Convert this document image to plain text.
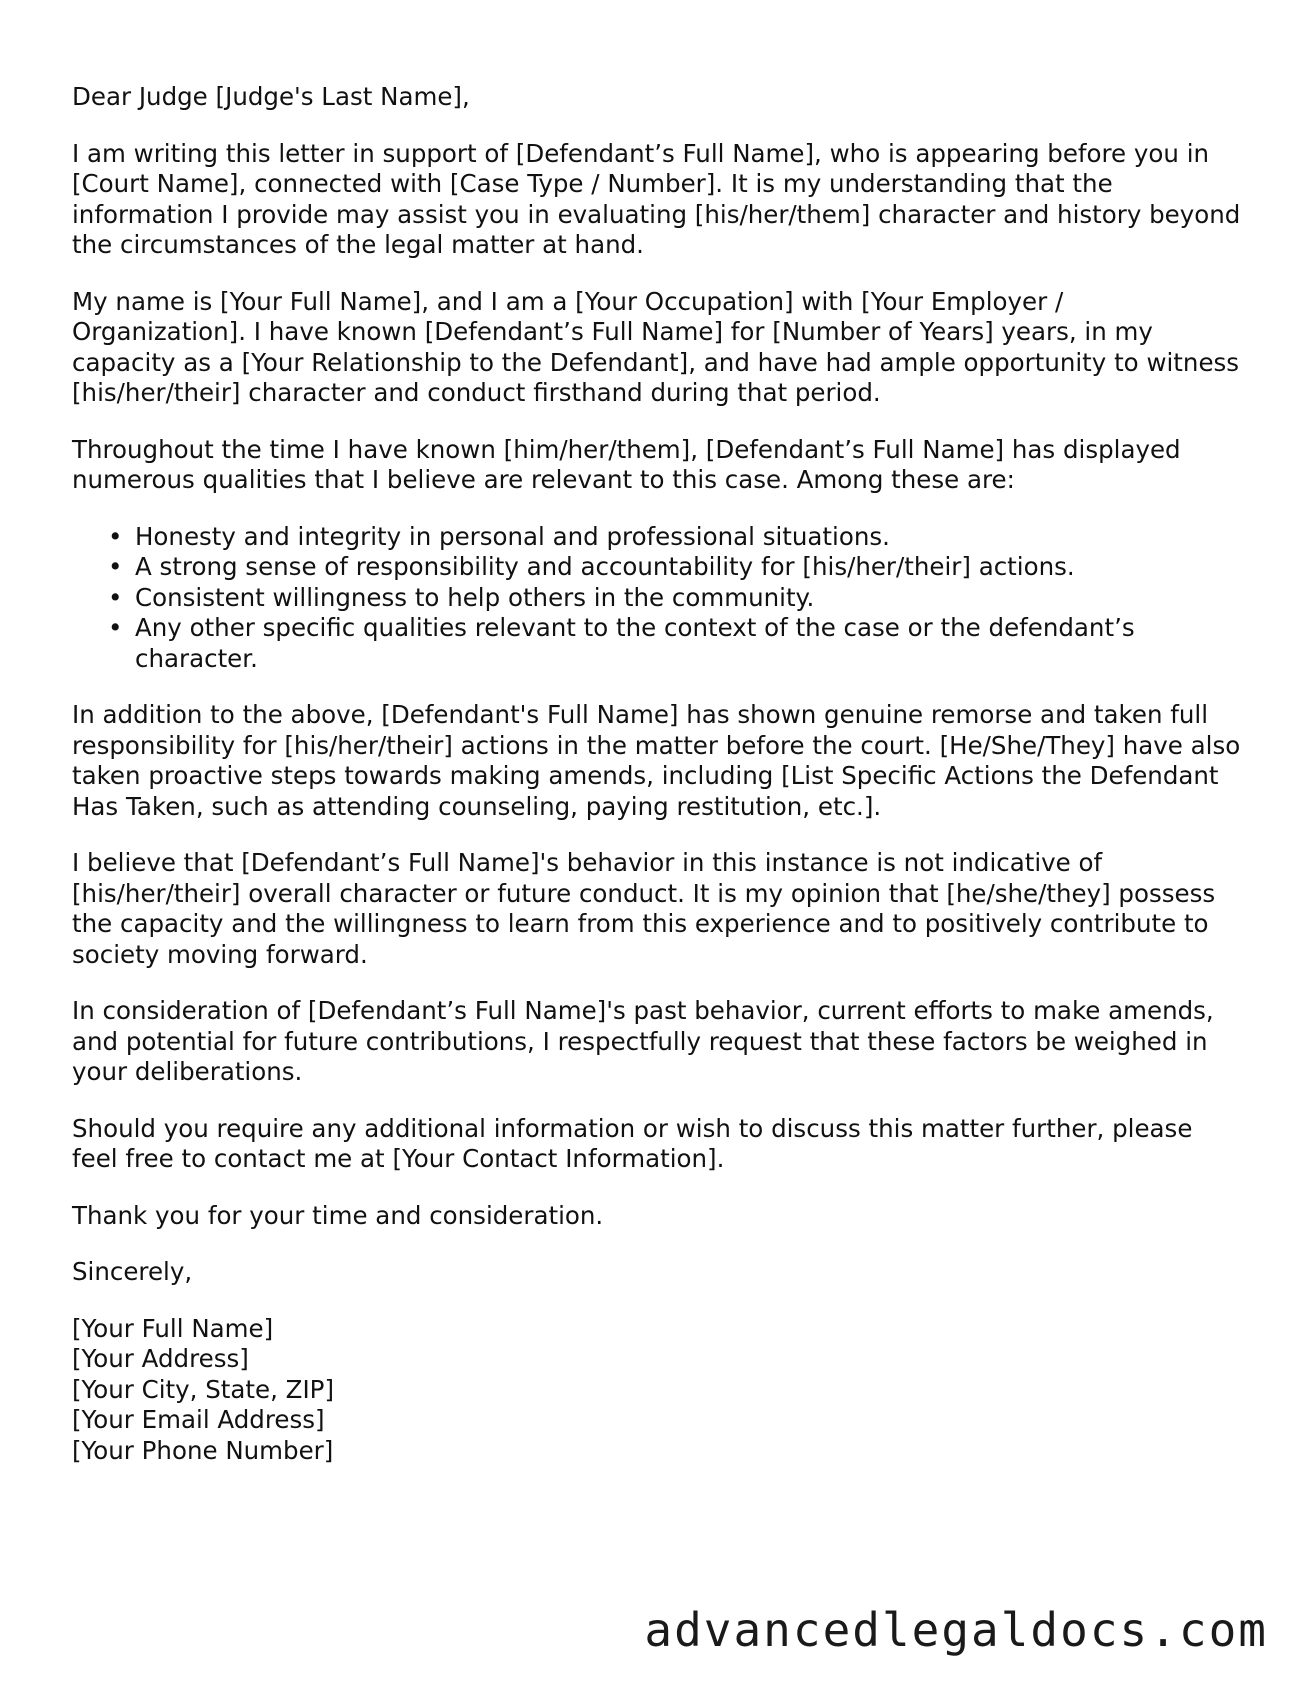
Dear Judge [Judge's Last Name],

I am writing this letter in support of [Defendant’s Full Name], who is appearing before you in [Court Name], connected with [Case Type / Number]. It is my understanding that the information I provide may assist you in evaluating [his/her/them] character and history beyond the circumstances of the legal matter at hand.

My name is [Your Full Name], and I am a [Your Occupation] with [Your Employer / Organization]. I have known [Defendant’s Full Name] for [Number of Years] years, in my capacity as a [Your Relationship to the Defendant], and have had ample opportunity to witness [his/her/their] character and conduct firsthand during that period.

Throughout the time I have known [him/her/them], [Defendant’s Full Name] has displayed numerous qualities that I believe are relevant to this case. Among these are:

• Honesty and integrity in personal and professional situations.
• A strong sense of responsibility and accountability for [his/her/their] actions.
• Consistent willingness to help others in the community.
• Any other specific qualities relevant to the context of the case or the defendant’s character.

In addition to the above, [Defendant's Full Name] has shown genuine remorse and taken full responsibility for [his/her/their] actions in the matter before the court. [He/She/They] have also taken proactive steps towards making amends, including [List Specific Actions the Defendant Has Taken, such as attending counseling, paying restitution, etc.].

I believe that [Defendant’s Full Name]'s behavior in this instance is not indicative of [his/her/their] overall character or future conduct. It is my opinion that [he/she/they] possess the capacity and the willingness to learn from this experience and to positively contribute to society moving forward.

In consideration of [Defendant’s Full Name]'s past behavior, current efforts to make amends, and potential for future contributions, I respectfully request that these factors be weighed in your deliberations.

Should you require any additional information or wish to discuss this matter further, please feel free to contact me at [Your Contact Information].

Thank you for your time and consideration.

Sincerely,

[Your Full Name]
[Your Address]
[Your City, State, ZIP]
[Your Email Address]
[Your Phone Number]
advancedlegaldocs.com
